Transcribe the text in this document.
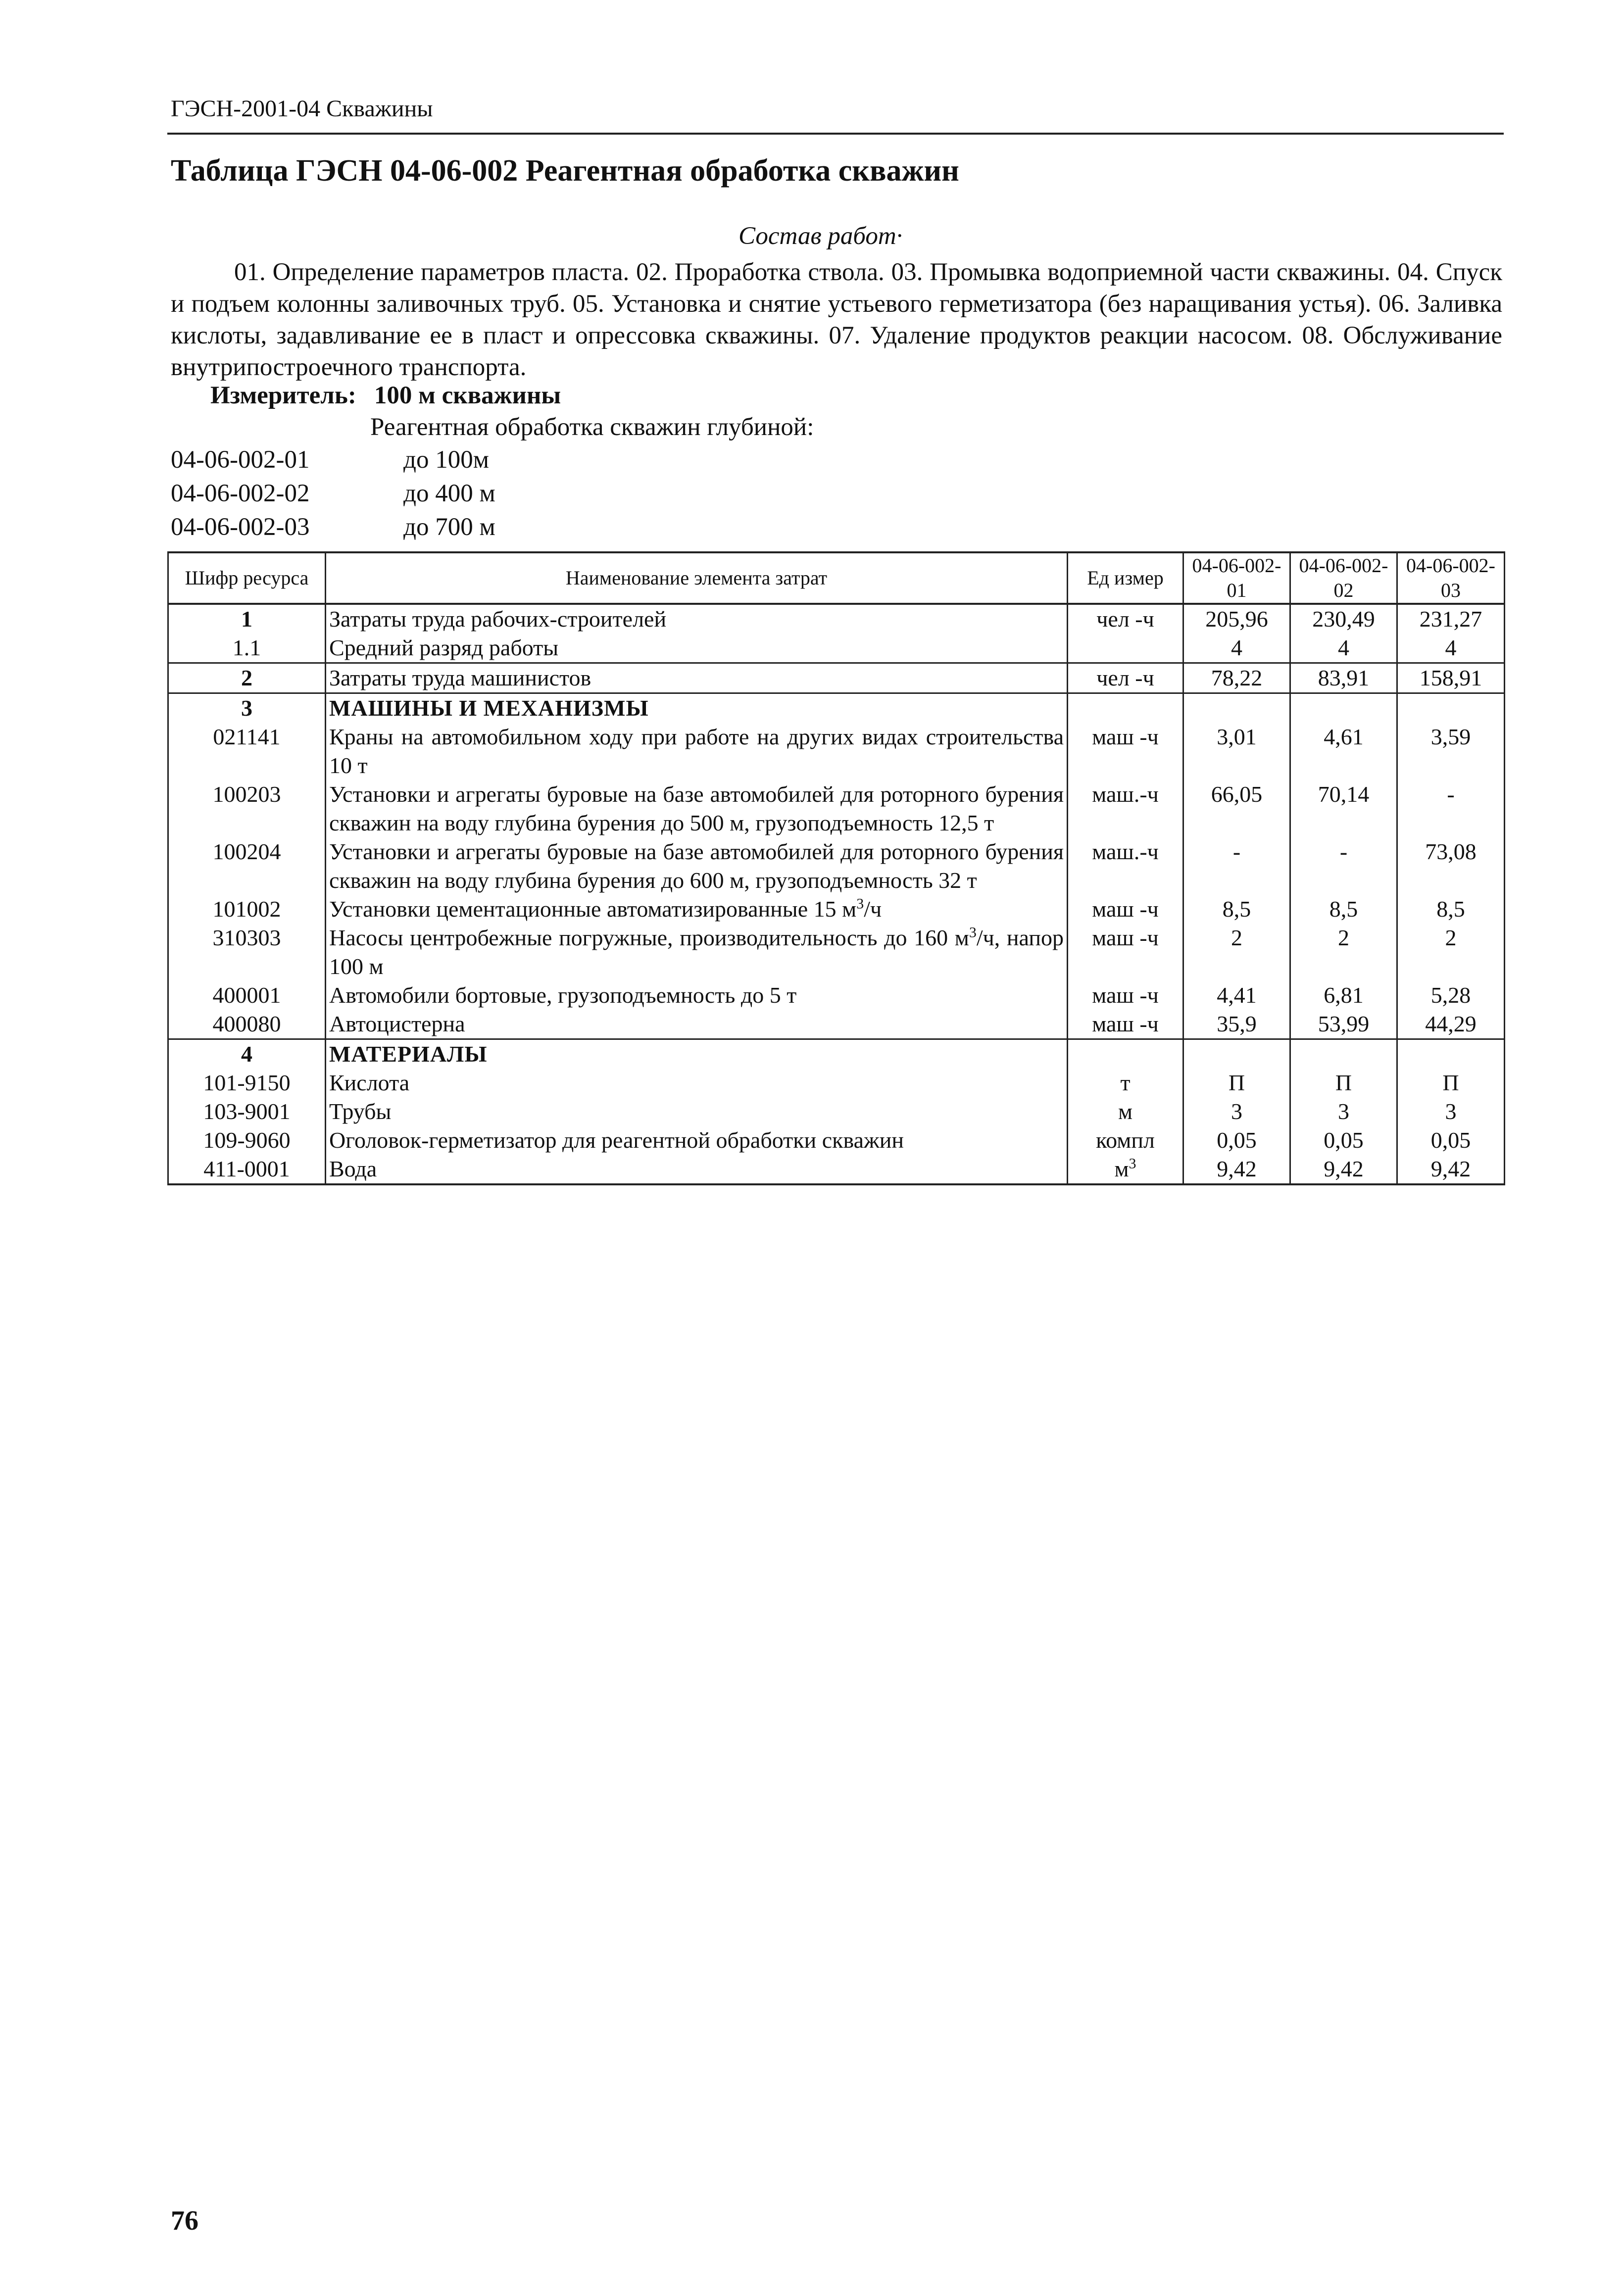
ГЭСН-2001-04 Скважины
Таблица ГЭСН 04-06-002 Реагентная обработка скважин
Состав работ·
01. Определение параметров пласта. 02. Проработка ствола. 03. Промывка водоприемной части скважины. 04. Спуск и подъем колонны заливочных труб. 05. Установка и снятие устьевого герметизатора (без наращивания устья). 06. Заливка кислоты, задавливание ее в пласт и опрессовка скважины. 07. Удаление продуктов реакции насосом. 08. Обслуживание внутрипостроечного транспорта.
Измеритель: 100 м скважины
Реагентная обработка скважин глубиной:
04-06-002-01	до 100м
04-06-002-02	до 400 м
04-06-002-03	до 700 м
Шифр ресурса	Наименование элемента затрат	Ед измер	04-06-002-01	04-06-002-02	04-06-002-03
1	Затраты труда рабочих-строителей	чел -ч	205,96	230,49	231,27
1.1	Средний разряд работы		4	4	4
2	Затраты труда машинистов	чел -ч	78,22	83,91	158,91
3	МАШИНЫ И МЕХАНИЗМЫ				
021141	Краны на автомобильном ходу при работе на других видах строительства 10 т	маш -ч	3,01	4,61	3,59
100203	Установки и агрегаты буровые на базе автомобилей для роторного бурения скважин на воду глубина бурения до 500 м, грузоподъемность 12,5 т	маш.-ч	66,05	70,14	-
100204	Установки и агрегаты буровые на базе автомобилей для роторного бурения скважин на воду глубина бурения до 600 м, грузоподъемность 32 т	маш.-ч	-	-	73,08
101002	Установки цементационные автоматизированные 15 $м^3/ч$	маш -ч	8,5	8,5	8,5
310303	Насосы центробежные погружные, производительность до 160 $м^3/ч$, напор 100 м	маш -ч	2	2	2
400001	Автомобили бортовые, грузоподъемность до 5 т	маш -ч	4,41	6,81	5,28
400080	Автоцистерна	маш -ч	35,9	53,99	44,29
4	МАТЕРИАЛЫ				
101-9150	Кислота	т	П	П	П
103-9001	Трубы	м	3	3	3
109-9060	Оголовок-герметизатор для реагентной обработки скважин	компл	0,05	0,05	0,05
411-0001	Вода	$м^3$	9,42	9,42	9,42
76
